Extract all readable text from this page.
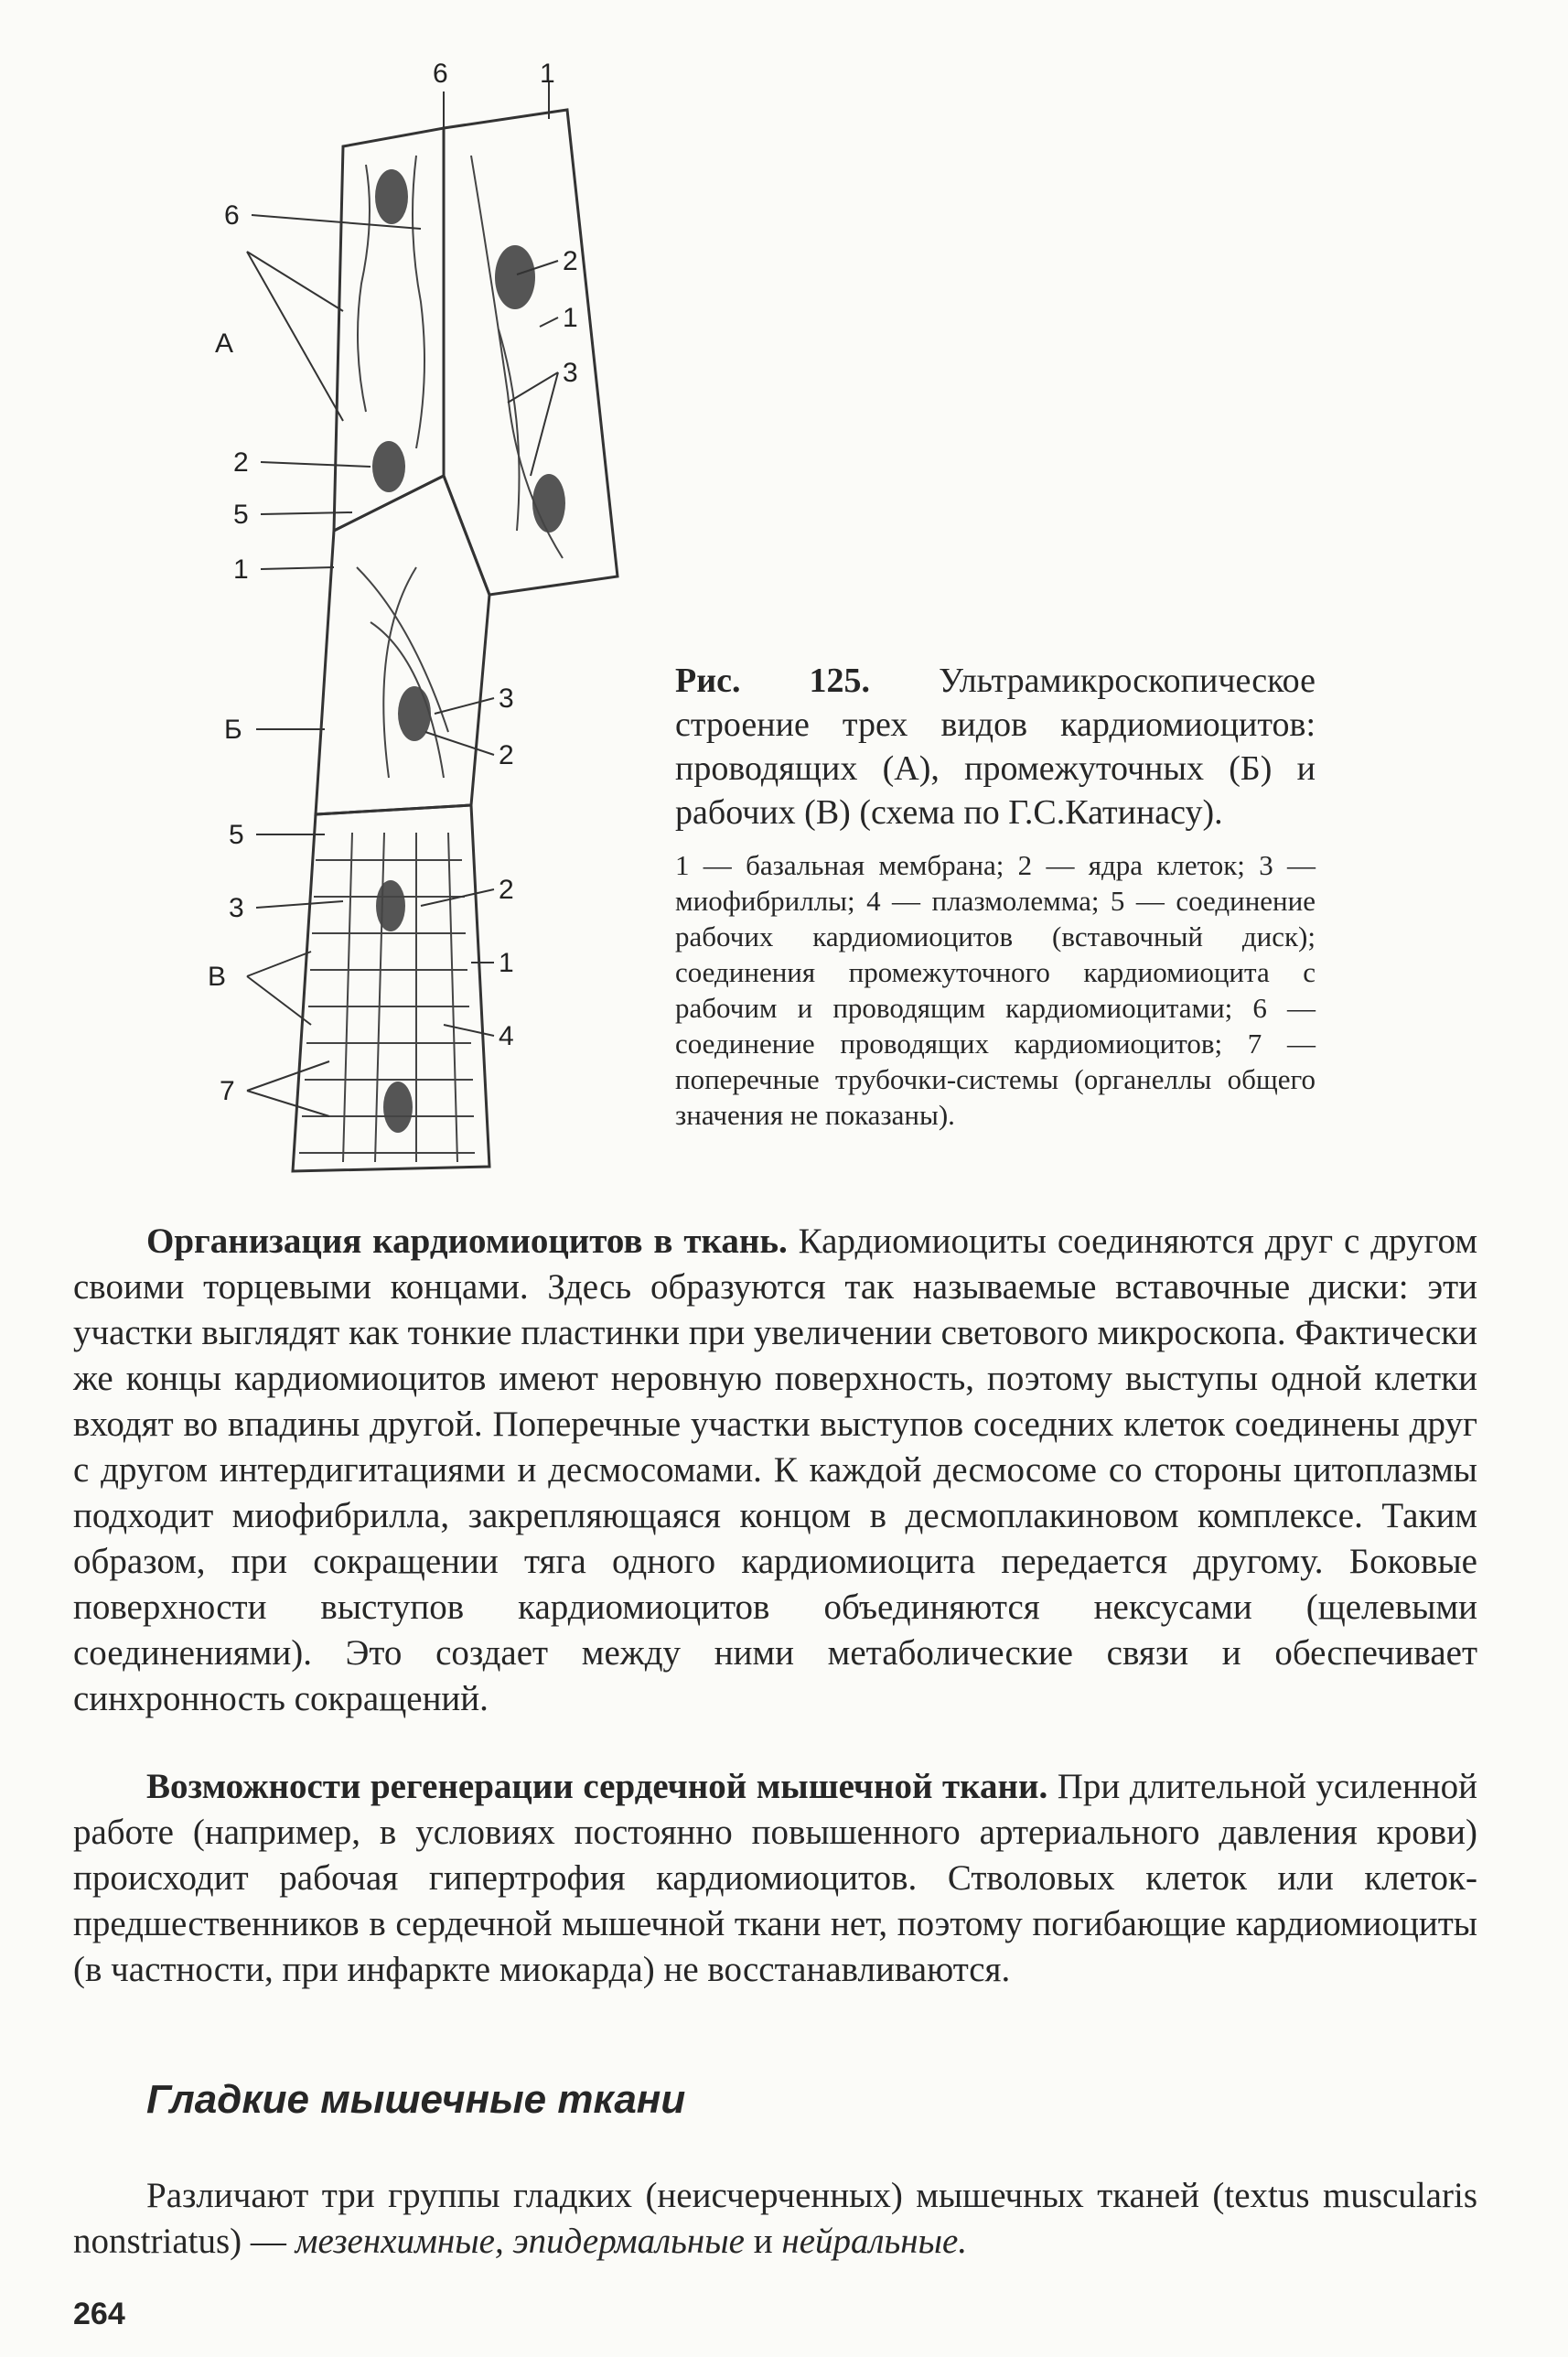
6	1
6
А
2
5
1
Б
5
3
В
7
2
1
3
3
2
2
1
4

Рис. 125. Ультрамикроскопическое строение трех видов кардиомиоцитов: проводящих (А), промежуточных (Б) и рабочих (В) (схема по Г.С.Катинасу).

1 — базальная мембрана; 2 — ядра клеток; 3 — миофибриллы; 4 — плазмолемма; 5 — соединение рабочих кардиомиоцитов (вставочный диск); соединения промежуточного кардиомиоцита с рабочим и проводящим кардиомиоцитами; 6 — соединение проводящих кардиомиоцитов; 7 — поперечные трубочки-системы (органеллы общего значения не показаны).

Организация кардиомиоцитов в ткань. Кардиомиоциты соединяются друг с другом своими торцевыми концами. Здесь образуются так называемые вставочные диски: эти участки выглядят как тонкие пластинки при увеличении светового микроскопа. Фактически же концы кардиомиоцитов имеют неровную поверхность, поэтому выступы одной клетки входят во впадины другой. Поперечные участки выступов соседних клеток соединены друг с другом интердигитациями и десмосомами. К каждой десмосоме со стороны цитоплазмы подходит миофибрилла, закрепляющаяся концом в десмоплакиновом комплексе. Таким образом, при сокращении тяга одного кардиомиоцита передается другому. Боковые поверхности выступов кардиомиоцитов объединяются нексусами (щелевыми соединениями). Это создает между ними метаболические связи и обеспечивает синхронность сокращений.

Возможности регенерации сердечной мышечной ткани. При длительной усиленной работе (например, в условиях постоянно повышенного артериального давления крови) происходит рабочая гипертрофия кардиомиоцитов. Стволовых клеток или клеток-предшественников в сердечной мышечной ткани нет, поэтому погибающие кардиомиоциты (в частности, при инфаркте миокарда) не восстанавливаются.

Гладкие мышечные ткани

Различают три группы гладких (неисчерченных) мышечных тканей (textus muscularis nonstriatus) — мезенхимные, эпидермальные и нейральные.

264
